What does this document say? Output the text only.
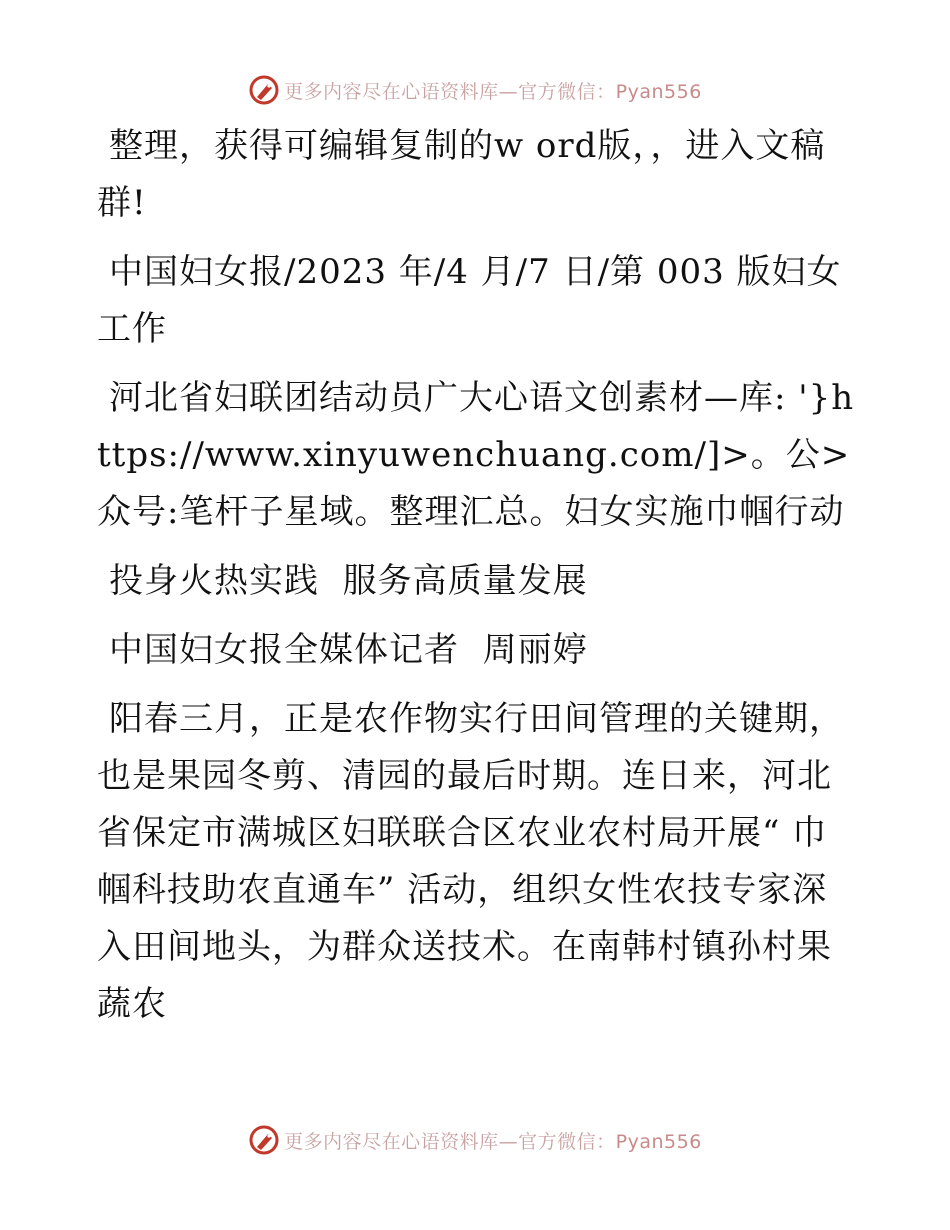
更多内容尽在心语资料库—官方微信：Pyan556

整理，获得可编辑复制的w ord版，，进入文稿群!

中国妇女报/2023 年/4 月/7 日/第 003 版妇女工作

河北省妇联团结动员广大心语文创素材—库: '}https://www.xinyuwenchuang.com/]>。公>众号:笔杆子星域。整理汇总。妇女实施巾帼行动

投身火热实践  服务高质量发展

中国妇女报全媒体记者  周丽婷

阳春三月，正是农作物实行田间管理的关键期，也是果园冬剪、清园的最后时期。连日来，河北省保定市满城区妇联联合区农业农村局开展“ 巾帼科技助农直通车” 活动，组织女性农技专家深入田间地头，为群众送技术。在南韩村镇孙村果蔬农

更多内容尽在心语资料库—官方微信：Pyan556
